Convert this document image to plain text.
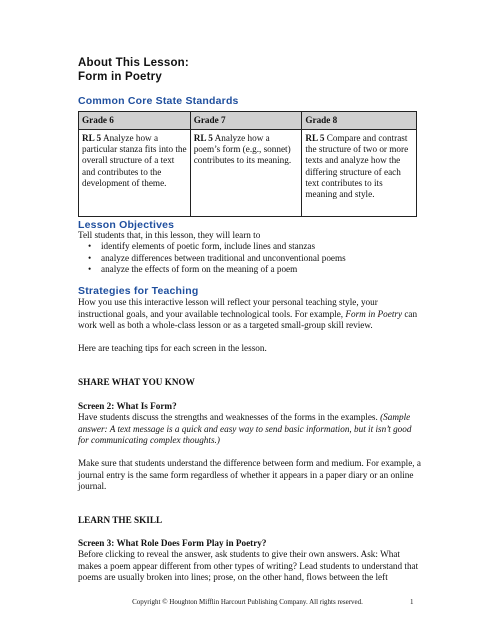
About This Lesson:
Form in Poetry
Common Core State Standards
Grade 6	Grade 7	Grade 8
RL 5 Analyze how a particular stanza fits into the overall structure of a text and contributes to the development of theme.	RL 5 Analyze how a poem’s form (e.g., sonnet) contributes to its meaning.	RL 5 Compare and contrast the structure of two or more texts and analyze how the differing structure of each text contributes to its meaning and style.
Lesson Objectives

Tell students that, in this lesson, they will learn to

• identify elements of poetic form, include lines and stanzas
• analyze differences between traditional and unconventional poems
• analyze the effects of form on the meaning of a poem
Strategies for Teaching

How you use this interactive lesson will reflect your personal teaching style, your instructional goals, and your available technological tools. For example, Form in Poetry can work well as both a whole-class lesson or as a targeted small-group skill review.

Here are teaching tips for each screen in the lesson.

SHARE WHAT YOU KNOW

Screen 2: What Is Form?

Have students discuss the strengths and weaknesses of the forms in the examples. (Sample answer: A text message is a quick and easy way to send basic information, but it isn’t good for communicating complex thoughts.)

Make sure that students understand the difference between form and medium. For example, a journal entry is the same form regardless of whether it appears in a paper diary or an online journal.

LEARN THE SKILL

Screen 3: What Role Does Form Play in Poetry?

Before clicking to reveal the answer, ask students to give their own answers. Ask: What makes a poem appear different from other types of writing? Lead students to understand that poems are usually broken into lines; prose, on the other hand, flows between the left

Copyright © Houghton Mifflin Harcourt Publishing Company. All rights reserved.	1
